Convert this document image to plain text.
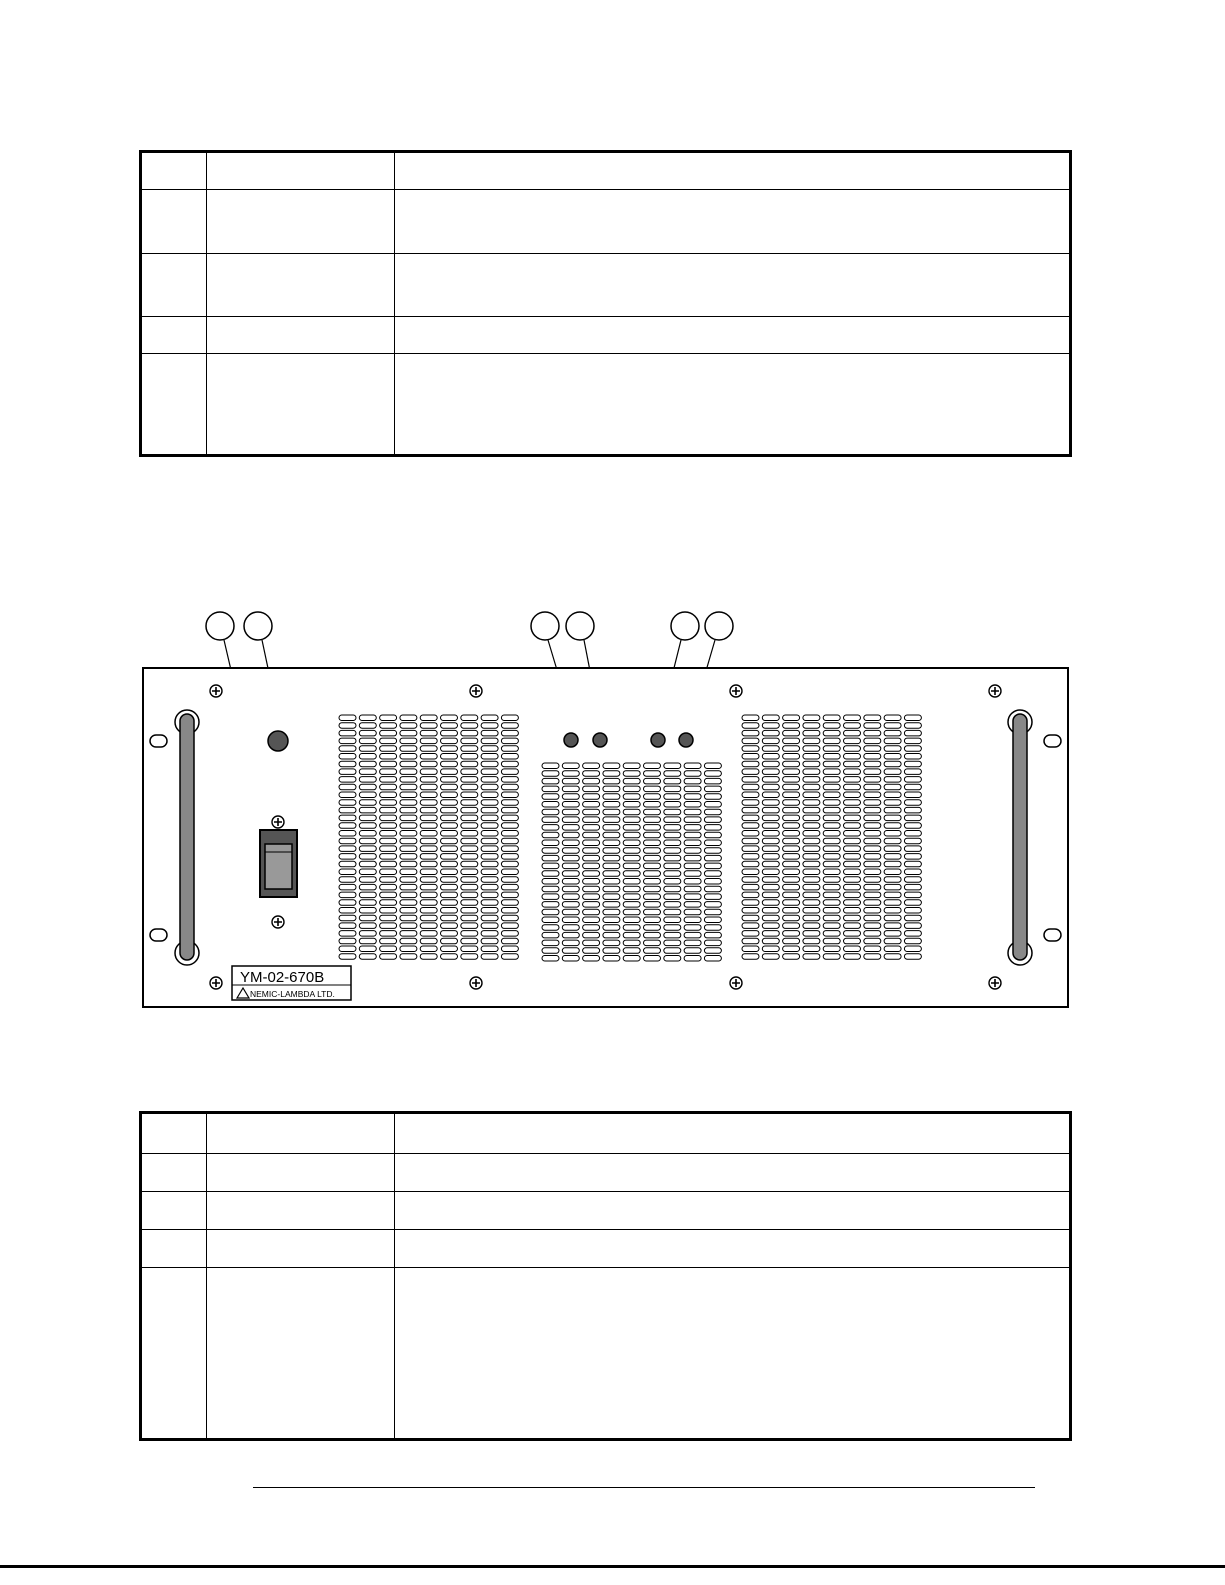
YM-02-670B
NEMIC-LAMBDA LTD.
